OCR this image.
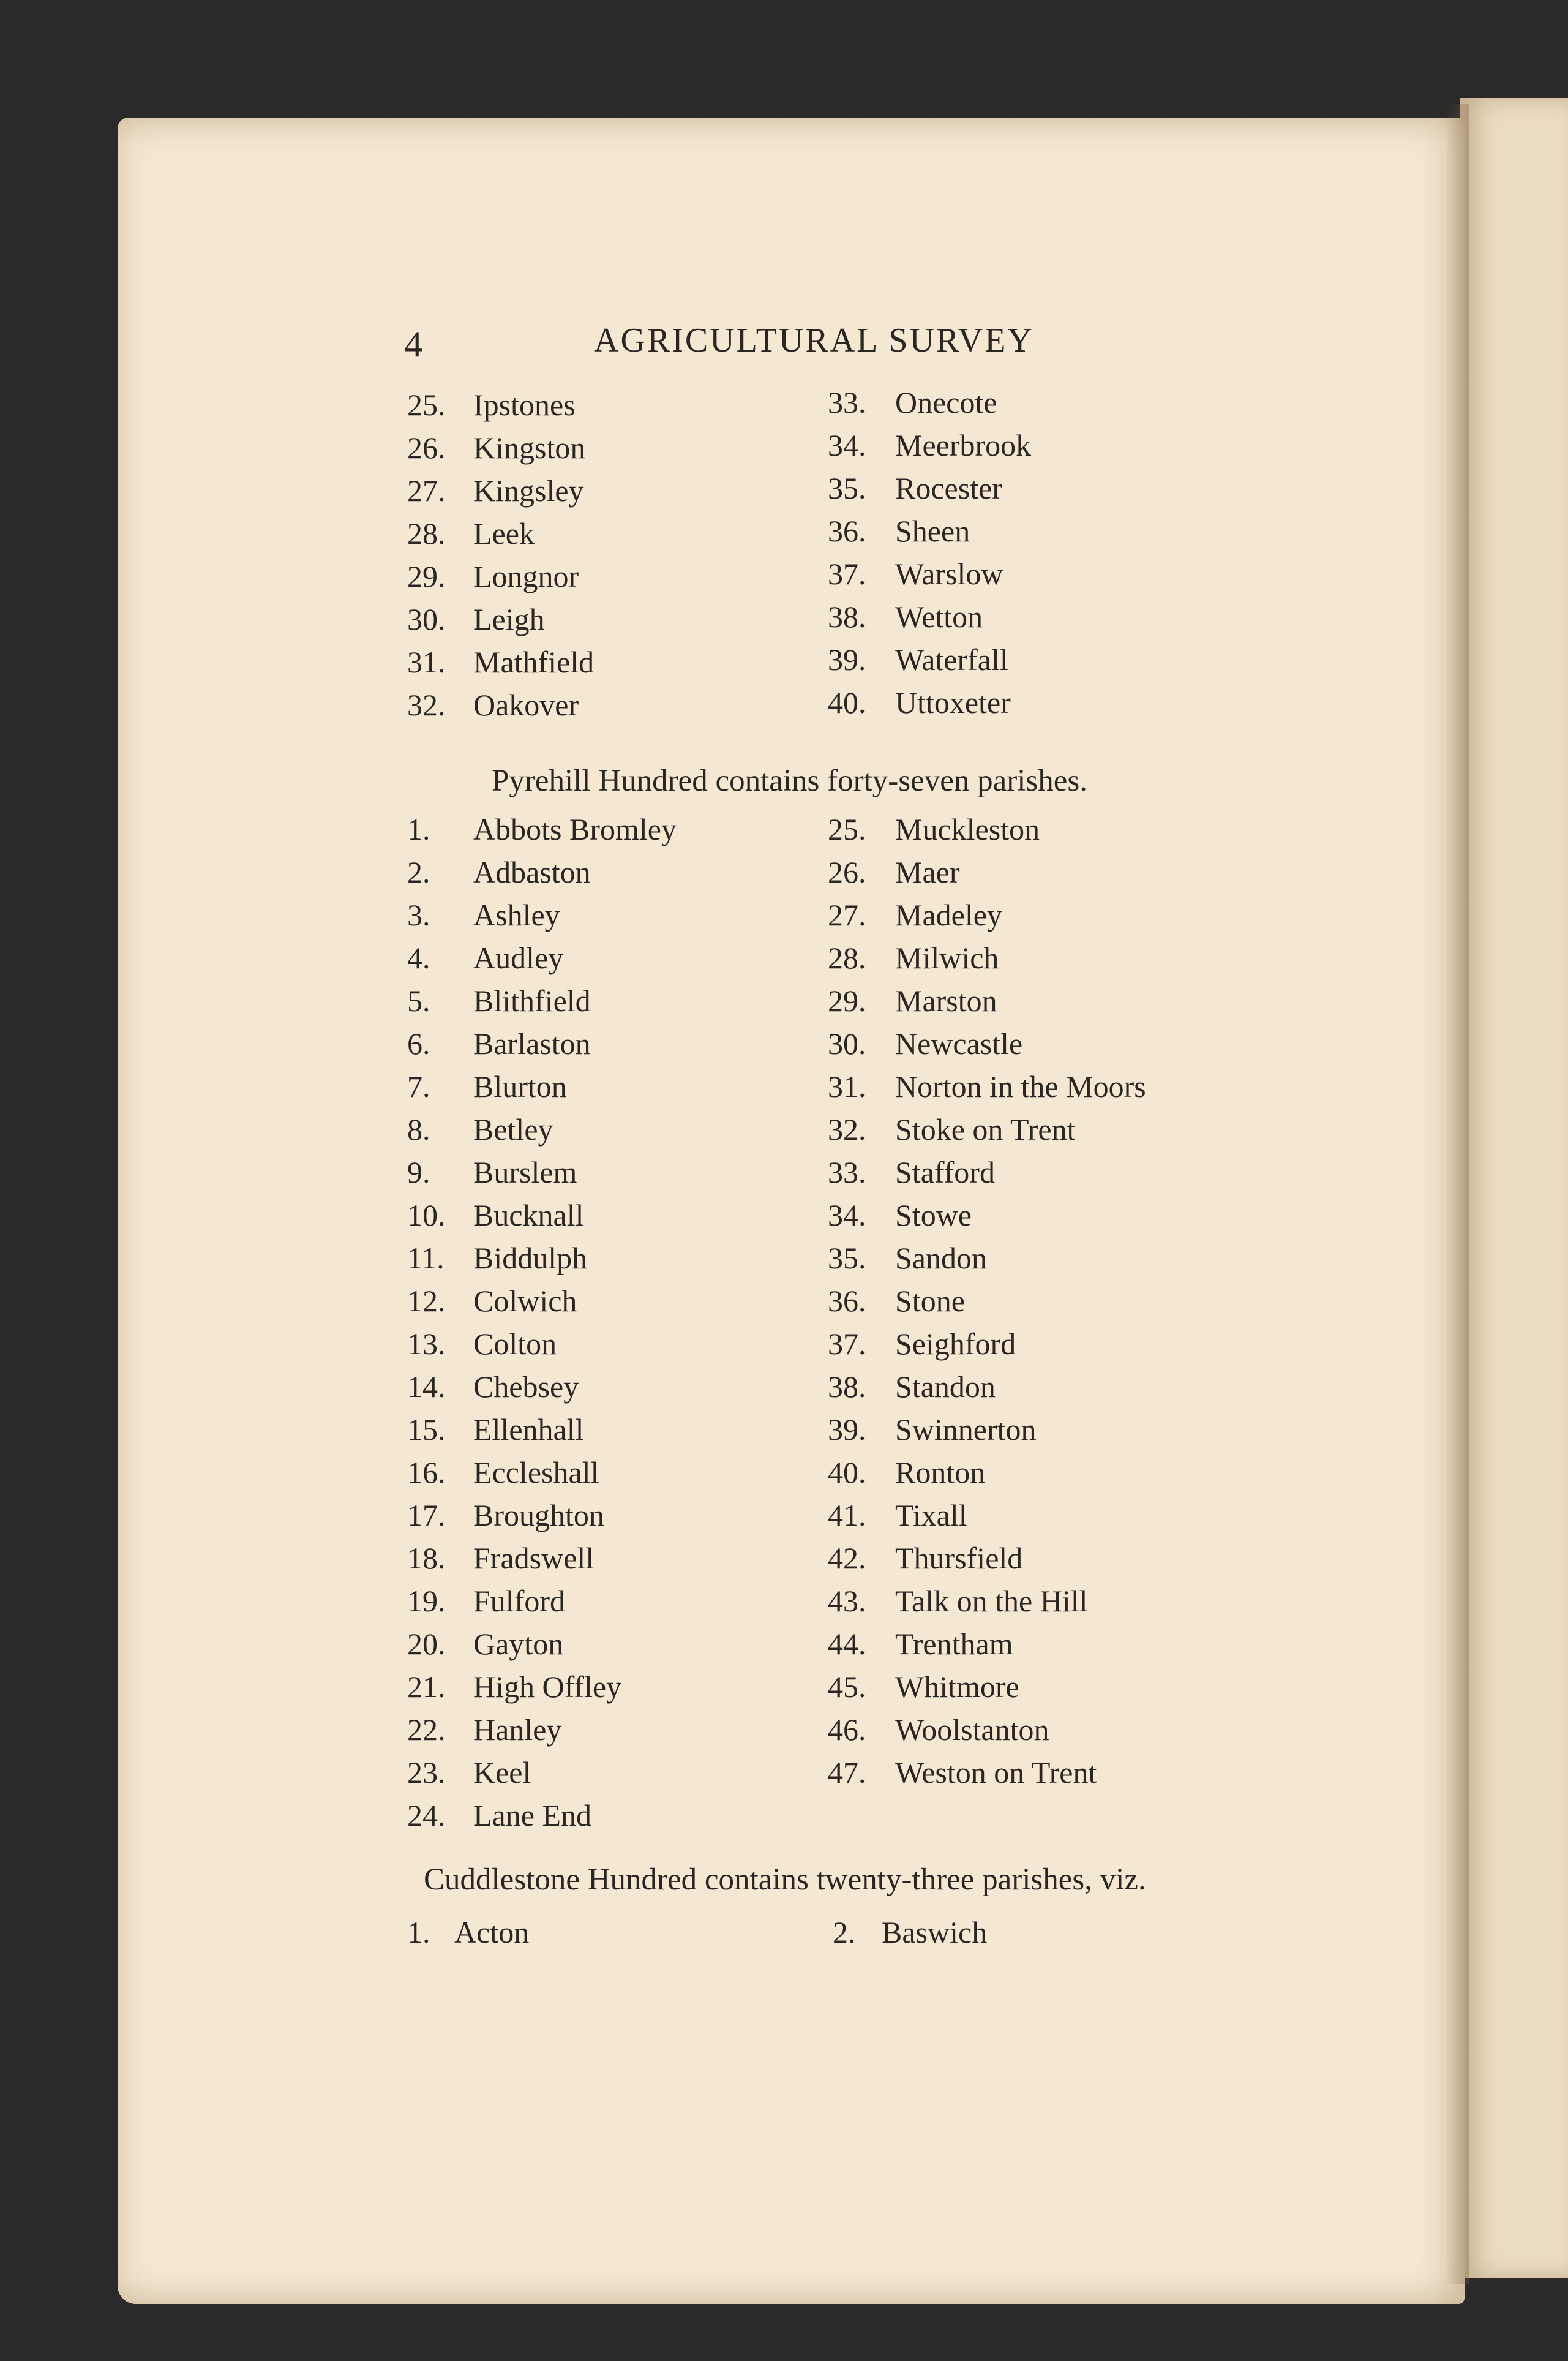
4	AGRICULTURAL SURVEY
25. Ipstones
26. Kingston
27. Kingsley
28. Leek
29. Longnor
30. Leigh
31. Mathfield
32. Oakover
33. Onecote
34. Meerbrook
35. Rocester
36. Sheen
37. Warslow
38. Wetton
39. Waterfall
40. Uttoxeter
Pyrehill Hundred contains forty-seven parishes.
1. Abbots Bromley
2. Adbaston
3. Ashley
4. Audley
5. Blithfield
6. Barlaston
7. Blurton
8. Betley
9. Burslem
10. Bucknall
11. Biddulph
12. Colwich
13. Colton
14. Chebsey
15. Ellenhall
16. Eccleshall
17. Broughton
18. Fradswell
19. Fulford
20. Gayton
21. High Offley
22. Hanley
23. Keel
24. Lane End
25. Muckleston
26. Maer
27. Madeley
28. Milwich
29. Marston
30. Newcastle
31. Norton in the Moors
32. Stoke on Trent
33. Stafford
34. Stowe
35. Sandon
36. Stone
37. Seighford
38. Standon
39. Swinnerton
40. Ronton
41. Tixall
42. Thursfield
43. Talk on the Hill
44. Trentham
45. Whitmore
46. Woolstanton
47. Weston on Trent
Cuddlestone Hundred contains twenty-three parishes, viz.
1. Acton	2. Baswich
